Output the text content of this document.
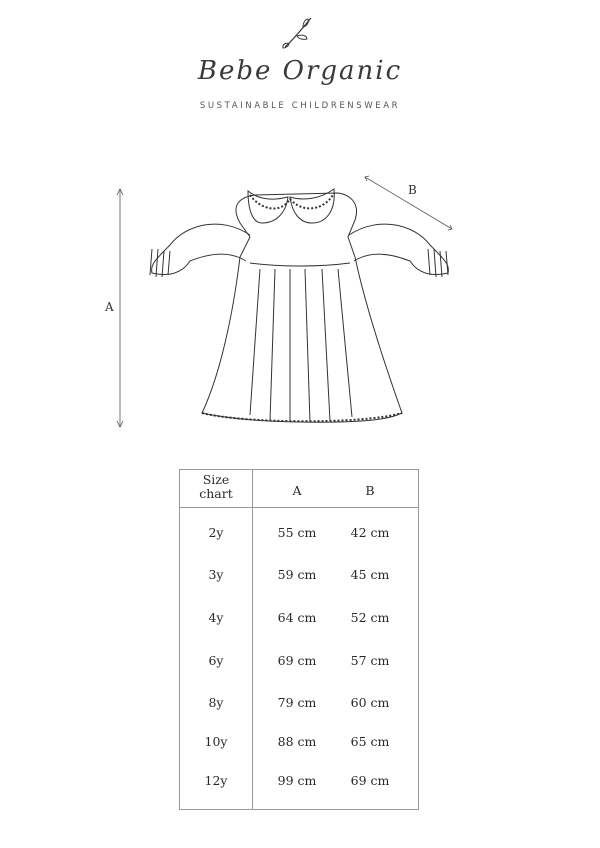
Bebe Organic
SUSTAINABLE CHILDRENSWEAR
A
B
Size
chart	A	B
2y	55 cm	42 cm
3y	59 cm	45 cm
4y	64 cm	52 cm
6y	69 cm	57 cm
8y	79 cm	60 cm
10y	88 cm	65 cm
12y	99 cm	69 cm
